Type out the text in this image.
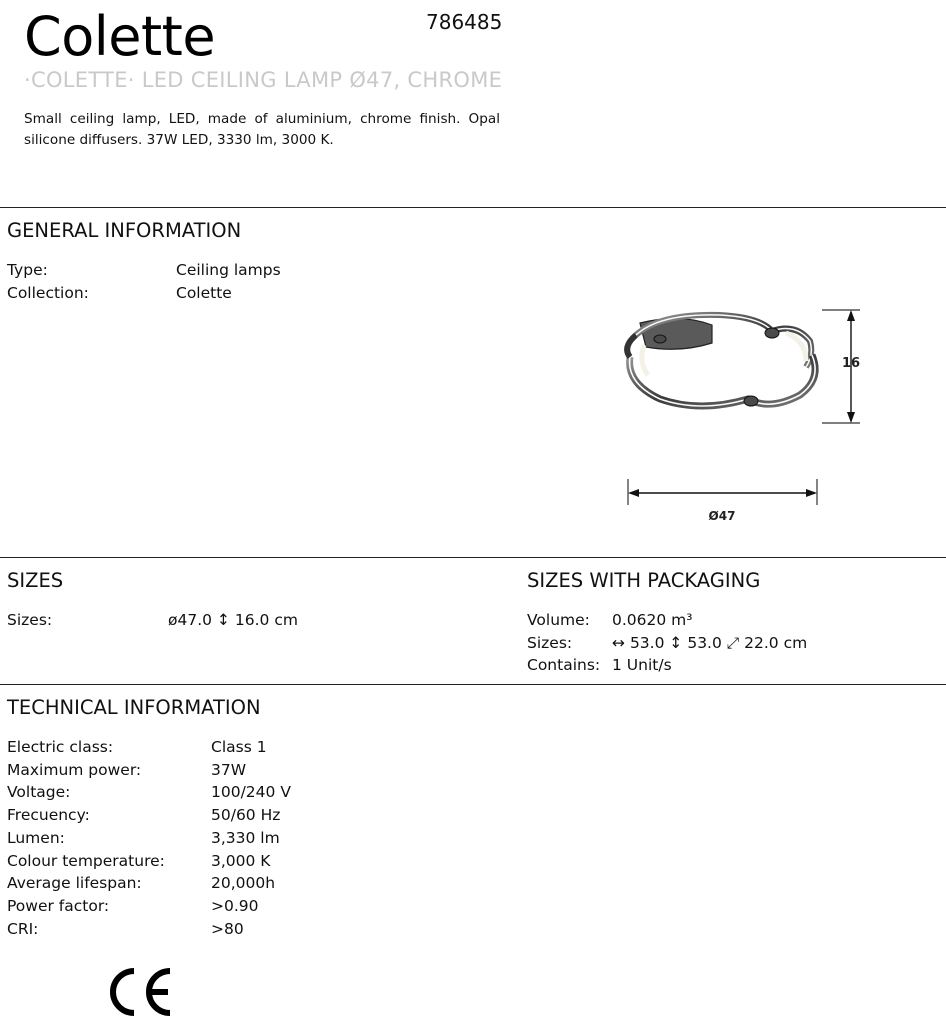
Colette	786485
·COLETTE· LED CEILING LAMP Ø47, CHROME
Small ceiling lamp, LED, made of aluminium, chrome finish. Opal silicone diffusers. 37W LED, 3330 lm, 3000 K.
GENERAL INFORMATION
Type:
Collection:
Ceiling lamps
Colette
16
Ø47
SIZES
Sizes:	ø47.0 ↕ 16.0 cm
SIZES WITH PACKAGING
Volume:
Sizes:
Contains:
0.0620 m³
↔ 53.0 ↕ 53.0 ⤢ 22.0 cm
1 Unit/s
TECHNICAL INFORMATION
Electric class:
Maximum power:
Voltage:
Frecuency:
Lumen:
Colour temperature:
Average lifespan:
Power factor:
CRI:
Class 1
37W
100/240 V
50/60 Hz
3,330 lm
3,000 K
20,000h
>0.90
>80
